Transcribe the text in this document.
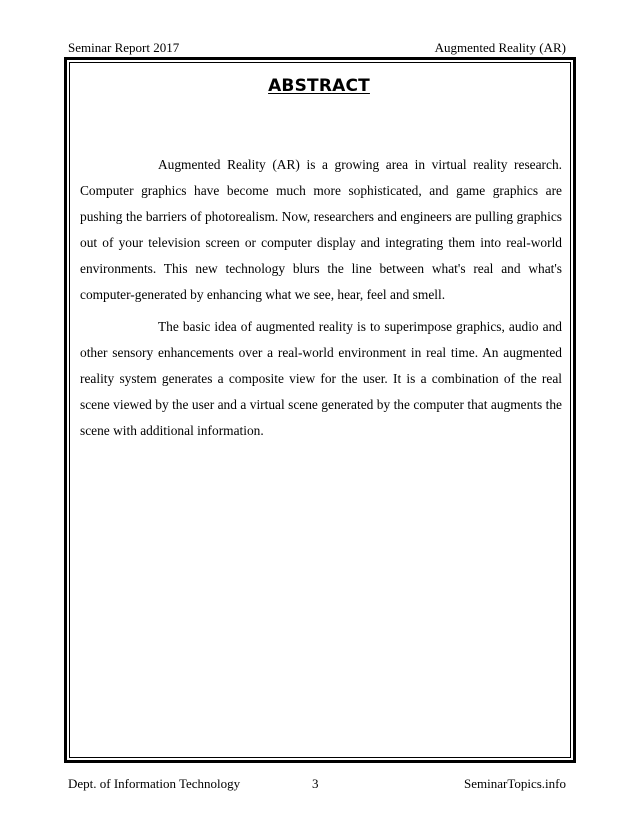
Seminar Report 2017	Augmented Reality (AR)
ABSTRACT

Augmented Reality (AR) is a growing area in virtual reality research. Computer graphics have become much more sophisticated, and game graphics are pushing the barriers of photorealism. Now, researchers and engineers are pulling graphics out of your television screen or computer display and integrating them into real-world environments. This new technology blurs the line between what's real and what's computer-generated by enhancing what we see, hear, feel and smell.

The basic idea of augmented reality is to superimpose graphics, audio and other sensory enhancements over a real-world environment in real time. An augmented reality system generates a composite view for the user. It is a combination of the real scene viewed by the user and a virtual scene generated by the computer that augments the scene with additional information.

Dept. of Information Technology	3	SeminarTopics.info
